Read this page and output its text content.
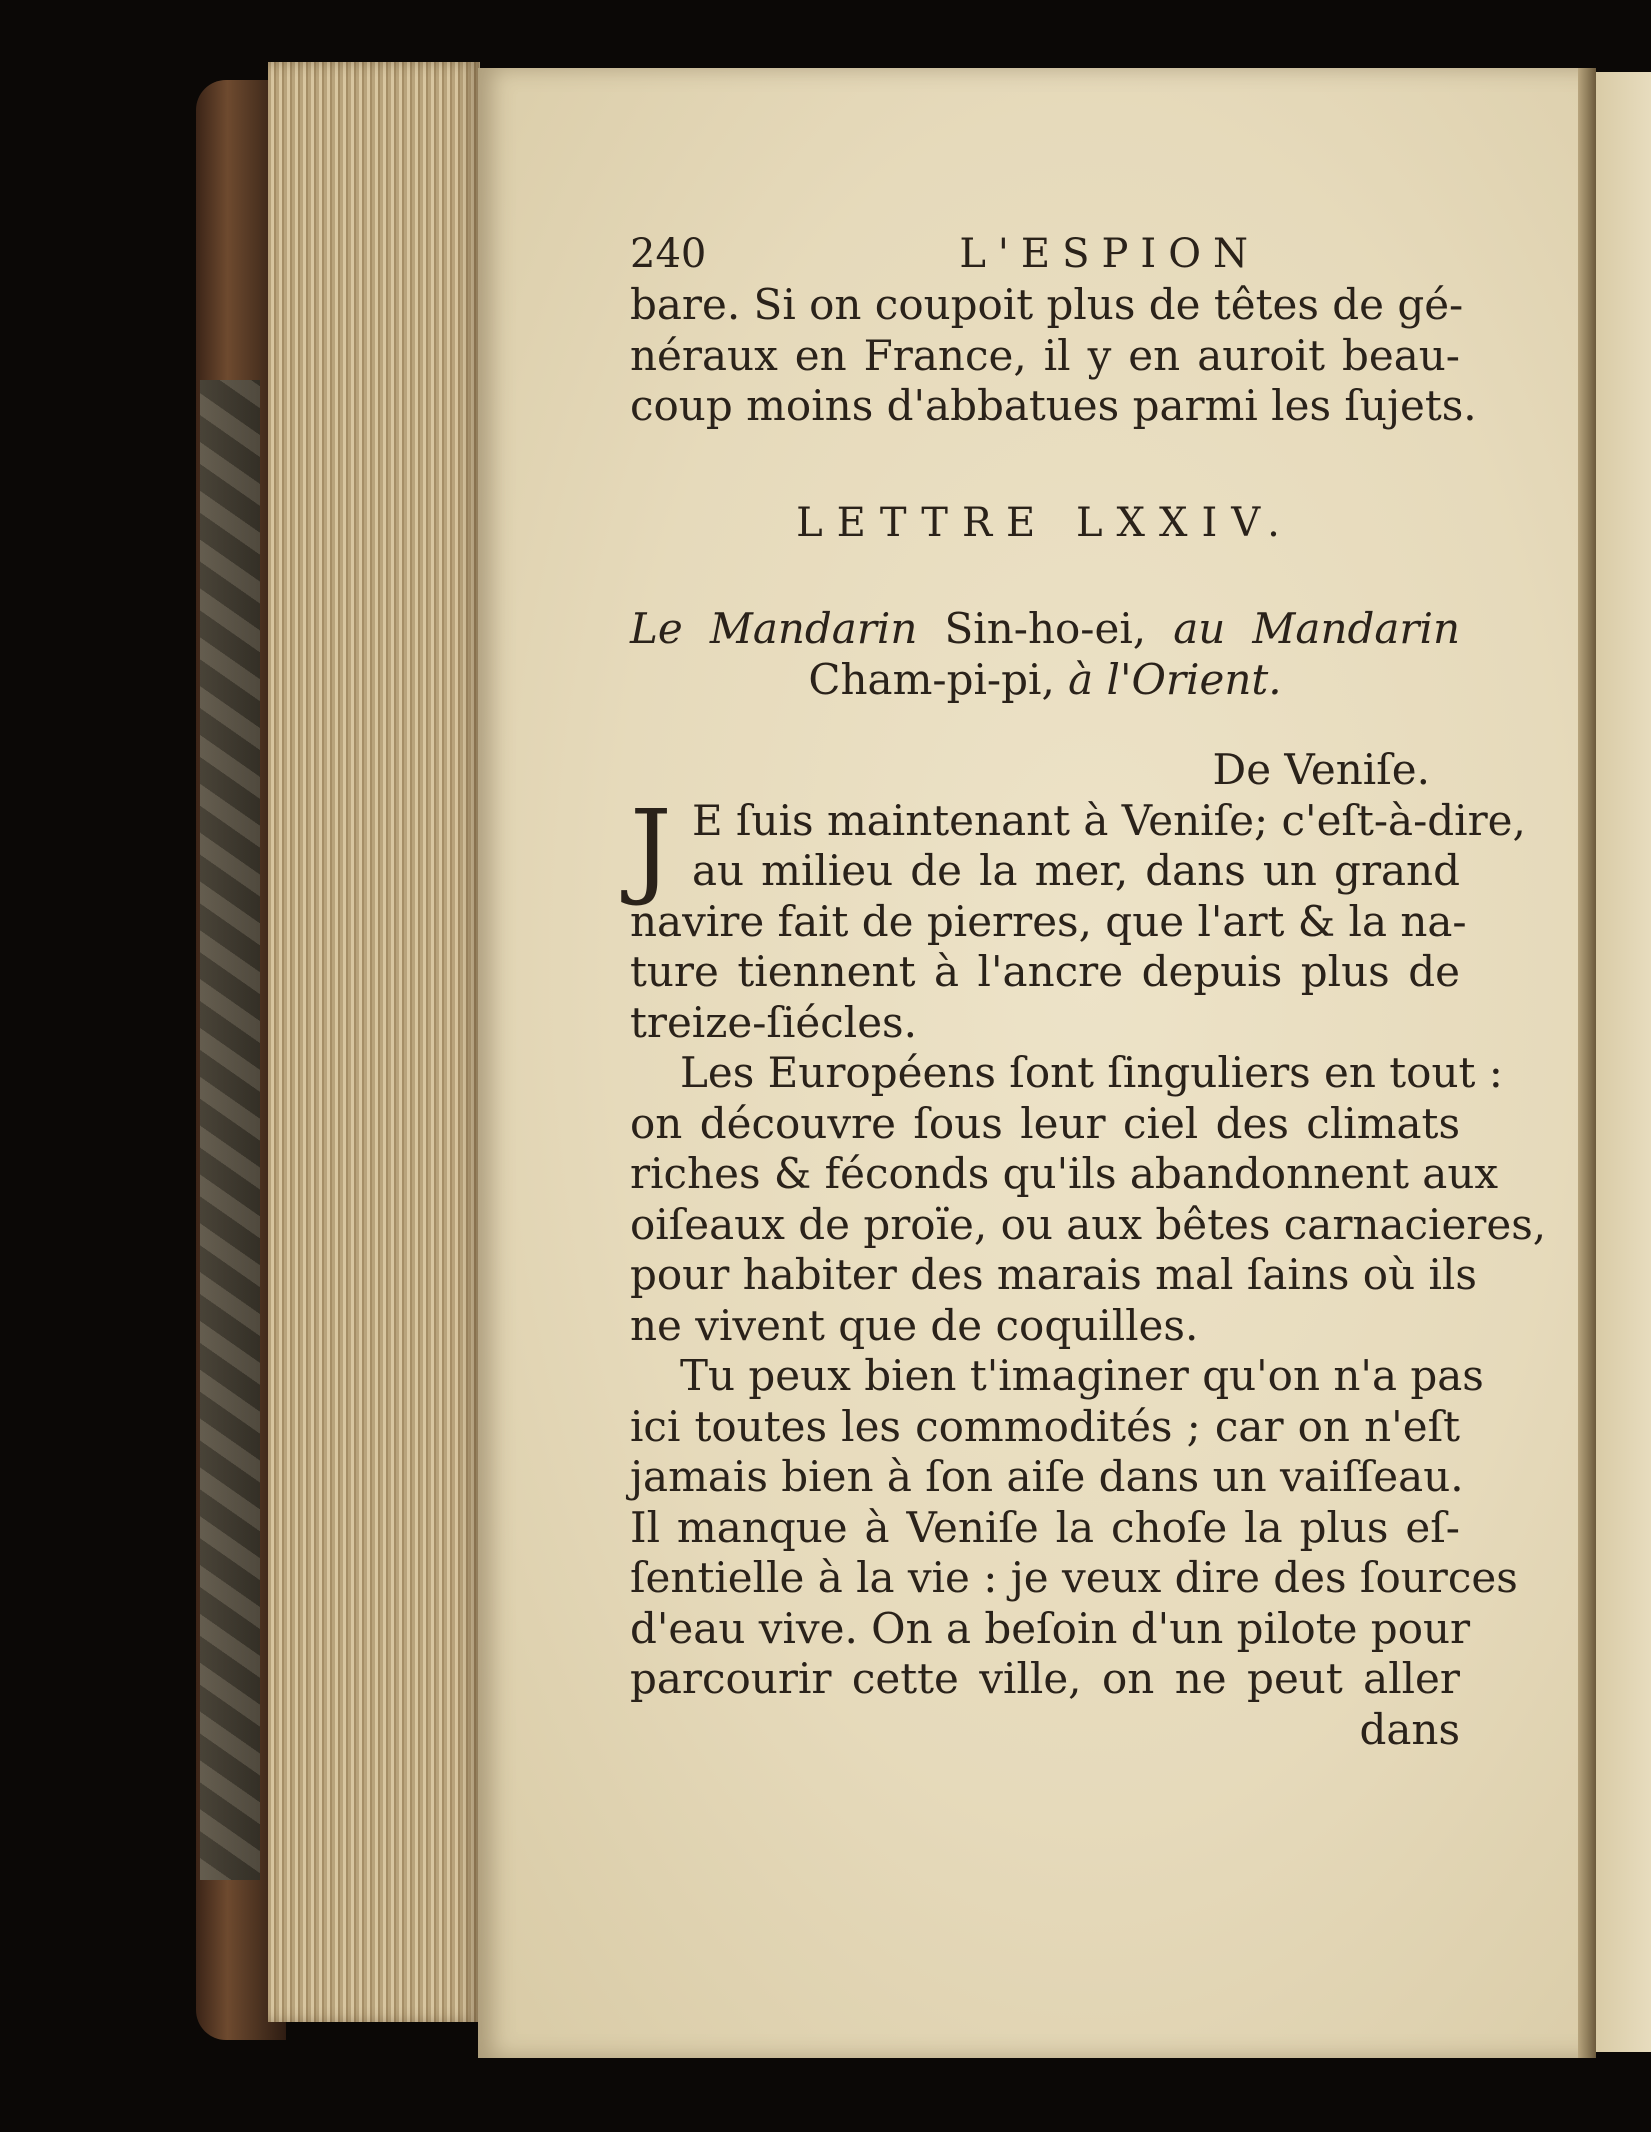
240	L'ESPION
bare. Si on coupoit plus de têtes de gé-
néraux en France, il y en auroit beau-
coup moins d'abbatues parmi les ſujets.
LETTRE LXXIV.
Le Mandarin Sin-ho-ei, au Mandarin
Cham-pi-pi, à l'Orient.
De Veniſe.
J E ſuis maintenant à Veniſe; c'eſt-à-dire,
au milieu de la mer, dans un grand
navire fait de pierres, que l'art & la na-
ture tiennent à l'ancre depuis plus de
treize-ſiécles.
Les Européens ſont ſinguliers en tout :
on découvre ſous leur ciel des climats
riches & féconds qu'ils abandonnent aux
oiſeaux de proïe, ou aux bêtes carnacieres,
pour habiter des marais mal ſains où ils
ne vivent que de coquilles.
Tu peux bien t'imaginer qu'on n'a pas
ici toutes les commodités ; car on n'eſt
jamais bien à ſon aiſe dans un vaiſſeau.
Il manque à Veniſe la choſe la plus eſ-
ſentielle à la vie : je veux dire des ſources
d'eau vive. On a beſoin d'un pilote pour
parcourir cette ville, on ne peut aller
dans
